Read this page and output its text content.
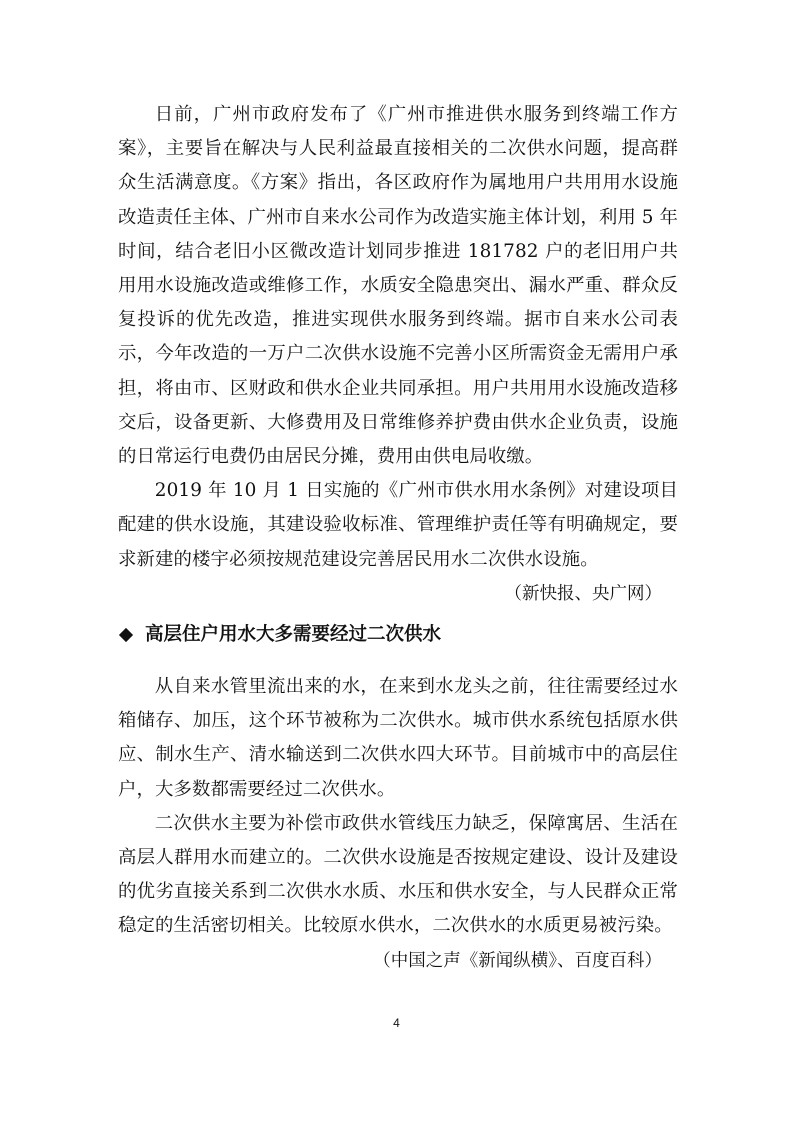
日前，广州市政府发布了《广州市推进供水服务到终端工作方案》，主要旨在解决与人民利益最直接相关的二次供水问题，提高群众生活满意度。《方案》指出，各区政府作为属地用户共用用水设施改造责任主体、广州市自来水公司作为改造实施主体计划，利用 5 年时间，结合老旧小区微改造计划同步推进 181782 户的老旧用户共用用水设施改造或维修工作，水质安全隐患突出、漏水严重、群众反复投诉的优先改造，推进实现供水服务到终端。据市自来水公司表示，今年改造的一万户二次供水设施不完善小区所需资金无需用户承担，将由市、区财政和供水企业共同承担。用户共用用水设施改造移交后，设备更新、大修费用及日常维修养护费由供水企业负责，设施的日常运行电费仍由居民分摊，费用由供电局收缴。

2019 年 10 月 1 日实施的《广州市供水用水条例》对建设项目配建的供水设施，其建设验收标准、管理维护责任等有明确规定，要求新建的楼宇必须按规范建设完善居民用水二次供水设施。

（新快报、央广网）

高层住户用水大多需要经过二次供水

从自来水管里流出来的水，在来到水龙头之前，往往需要经过水箱储存、加压，这个环节被称为二次供水。城市供水系统包括原水供应、制水生产、清水输送到二次供水四大环节。目前城市中的高层住户，大多数都需要经过二次供水。

二次供水主要为补偿市政供水管线压力缺乏，保障寓居、生活在高层人群用水而建立的。二次供水设施是否按规定建设、设计及建设的优劣直接关系到二次供水水质、水压和供水安全，与人民群众正常稳定的生活密切相关。比较原水供水，二次供水的水质更易被污染。

（中国之声《新闻纵横》、百度百科）

4
